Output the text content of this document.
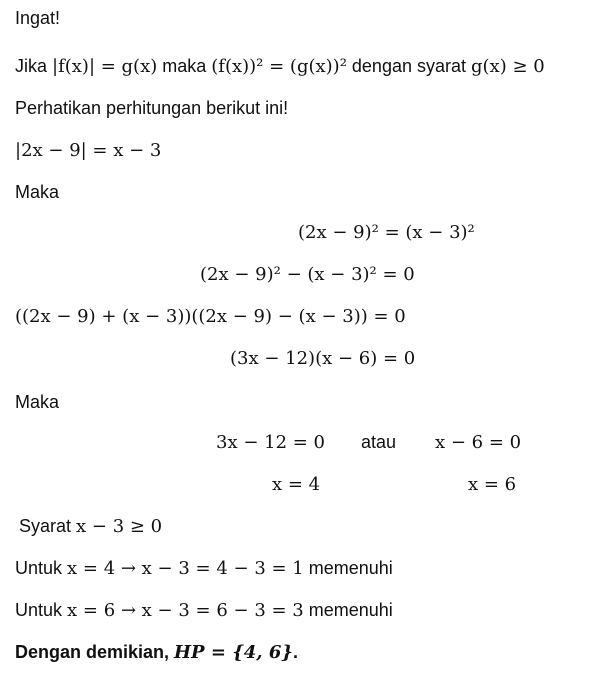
Ingat!
Jika |f(x)| = g(x) maka (f(x))² = (g(x))² dengan syarat g(x) ≥ 0
Perhatikan perhitungan berikut ini!
|2x − 9| = x − 3
Maka
(2x − 9)² = (x − 3)²
(2x − 9)² − (x − 3)² = 0
((2x − 9) + (x − 3))((2x − 9) − (x − 3)) = 0
(3x − 12)(x − 6) = 0
Maka
3x − 12 = 0 atau x − 6 = 0
x = 4	x = 6
Syarat x − 3 ≥ 0
Untuk x = 4 → x − 3 = 4 − 3 = 1 memenuhi
Untuk x = 6 → x − 3 = 6 − 3 = 3 memenuhi
Dengan demikian, HP = {4, 6}.
